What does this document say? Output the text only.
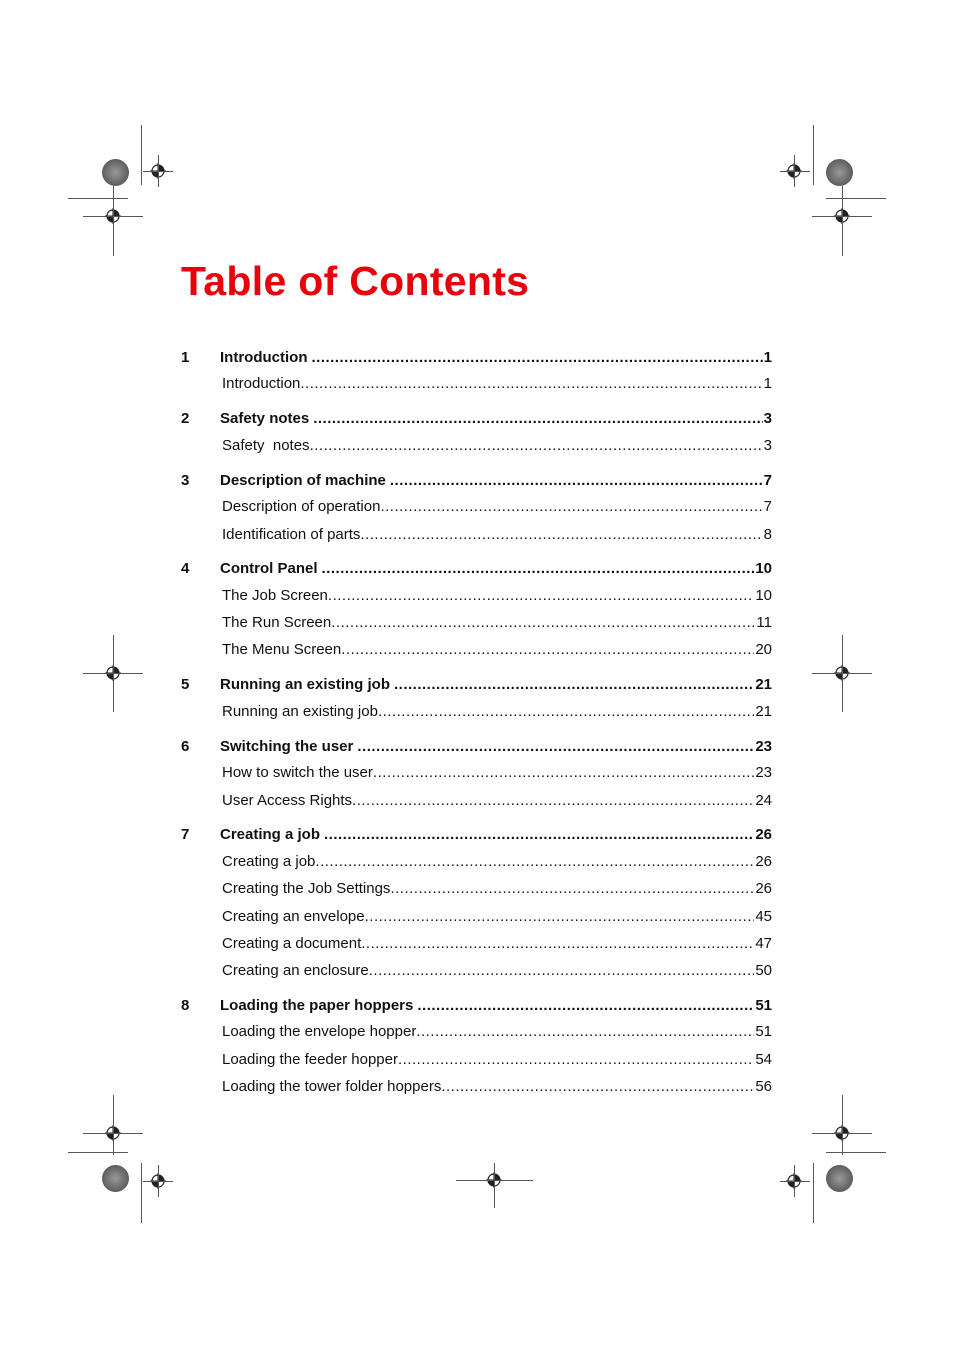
Table of Contents
1	Introduction .....	1
Introduction .....	1
2	Safety notes .....	3
Safety  notes .....	3
3	Description of machine .....	7
Description of operation .....	7
Identification of parts .....	8
4	Control Panel .....	10
The Job Screen .....	10
The Run Screen .....	11
The Menu Screen .....	20
5	Running an existing job .....	21
Running an existing job .....	21
6	Switching the user .....	23
How to switch the user .....	23
User Access Rights .....	24
7	Creating a job .....	26
Creating a job .....	26
Creating the Job Settings .....	26
Creating an envelope .....	45
Creating a document .....	47
Creating an enclosure .....	50
8	Loading the paper hoppers .....	51
Loading the envelope hopper .....	51
Loading the feeder hopper .....	54
Loading the tower folder hoppers .....	56
